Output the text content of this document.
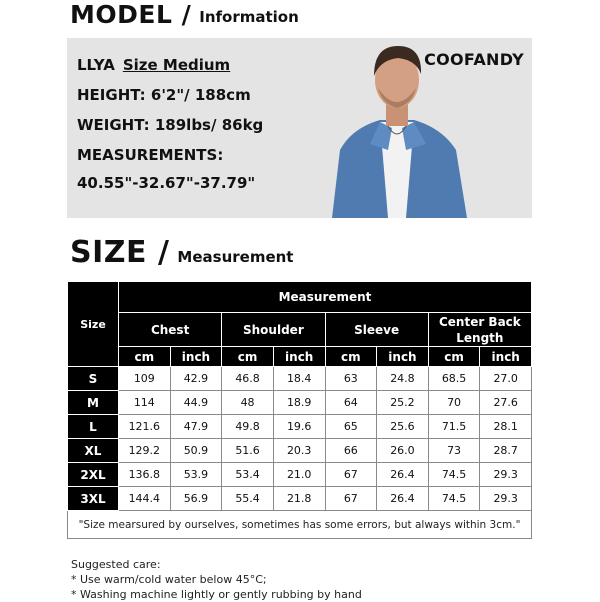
MODEL / Information
LLYA Size Medium
HEIGHT: 6'2"/ 188cm
WEIGHT: 189lbs/ 86kg
MEASUREMENTS:
40.55"-32.67"-37.79"
COOFANDY
SIZE / Measurement
Size	Measurement							
	Chest		Shoulder		Sleeve		Center Back Length	
	cm	inch	cm	inch	cm	inch	cm	inch
S	109	42.9	46.8	18.4	63	24.8	68.5	27.0
M	114	44.9	48	18.9	64	25.2	70	27.6
L	121.6	47.9	49.8	19.6	65	25.6	71.5	28.1
XL	129.2	50.9	51.6	20.3	66	26.0	73	28.7
2XL	136.8	53.9	53.4	21.0	67	26.4	74.5	29.3
3XL	144.4	56.9	55.4	21.8	67	26.4	74.5	29.3
"Size mearsured by ourselves, sometimes has some errors, but always within 3cm."								
Suggested care:
* Use warm/cold water below 45°C;
* Washing machine lightly or gently rubbing by hand
